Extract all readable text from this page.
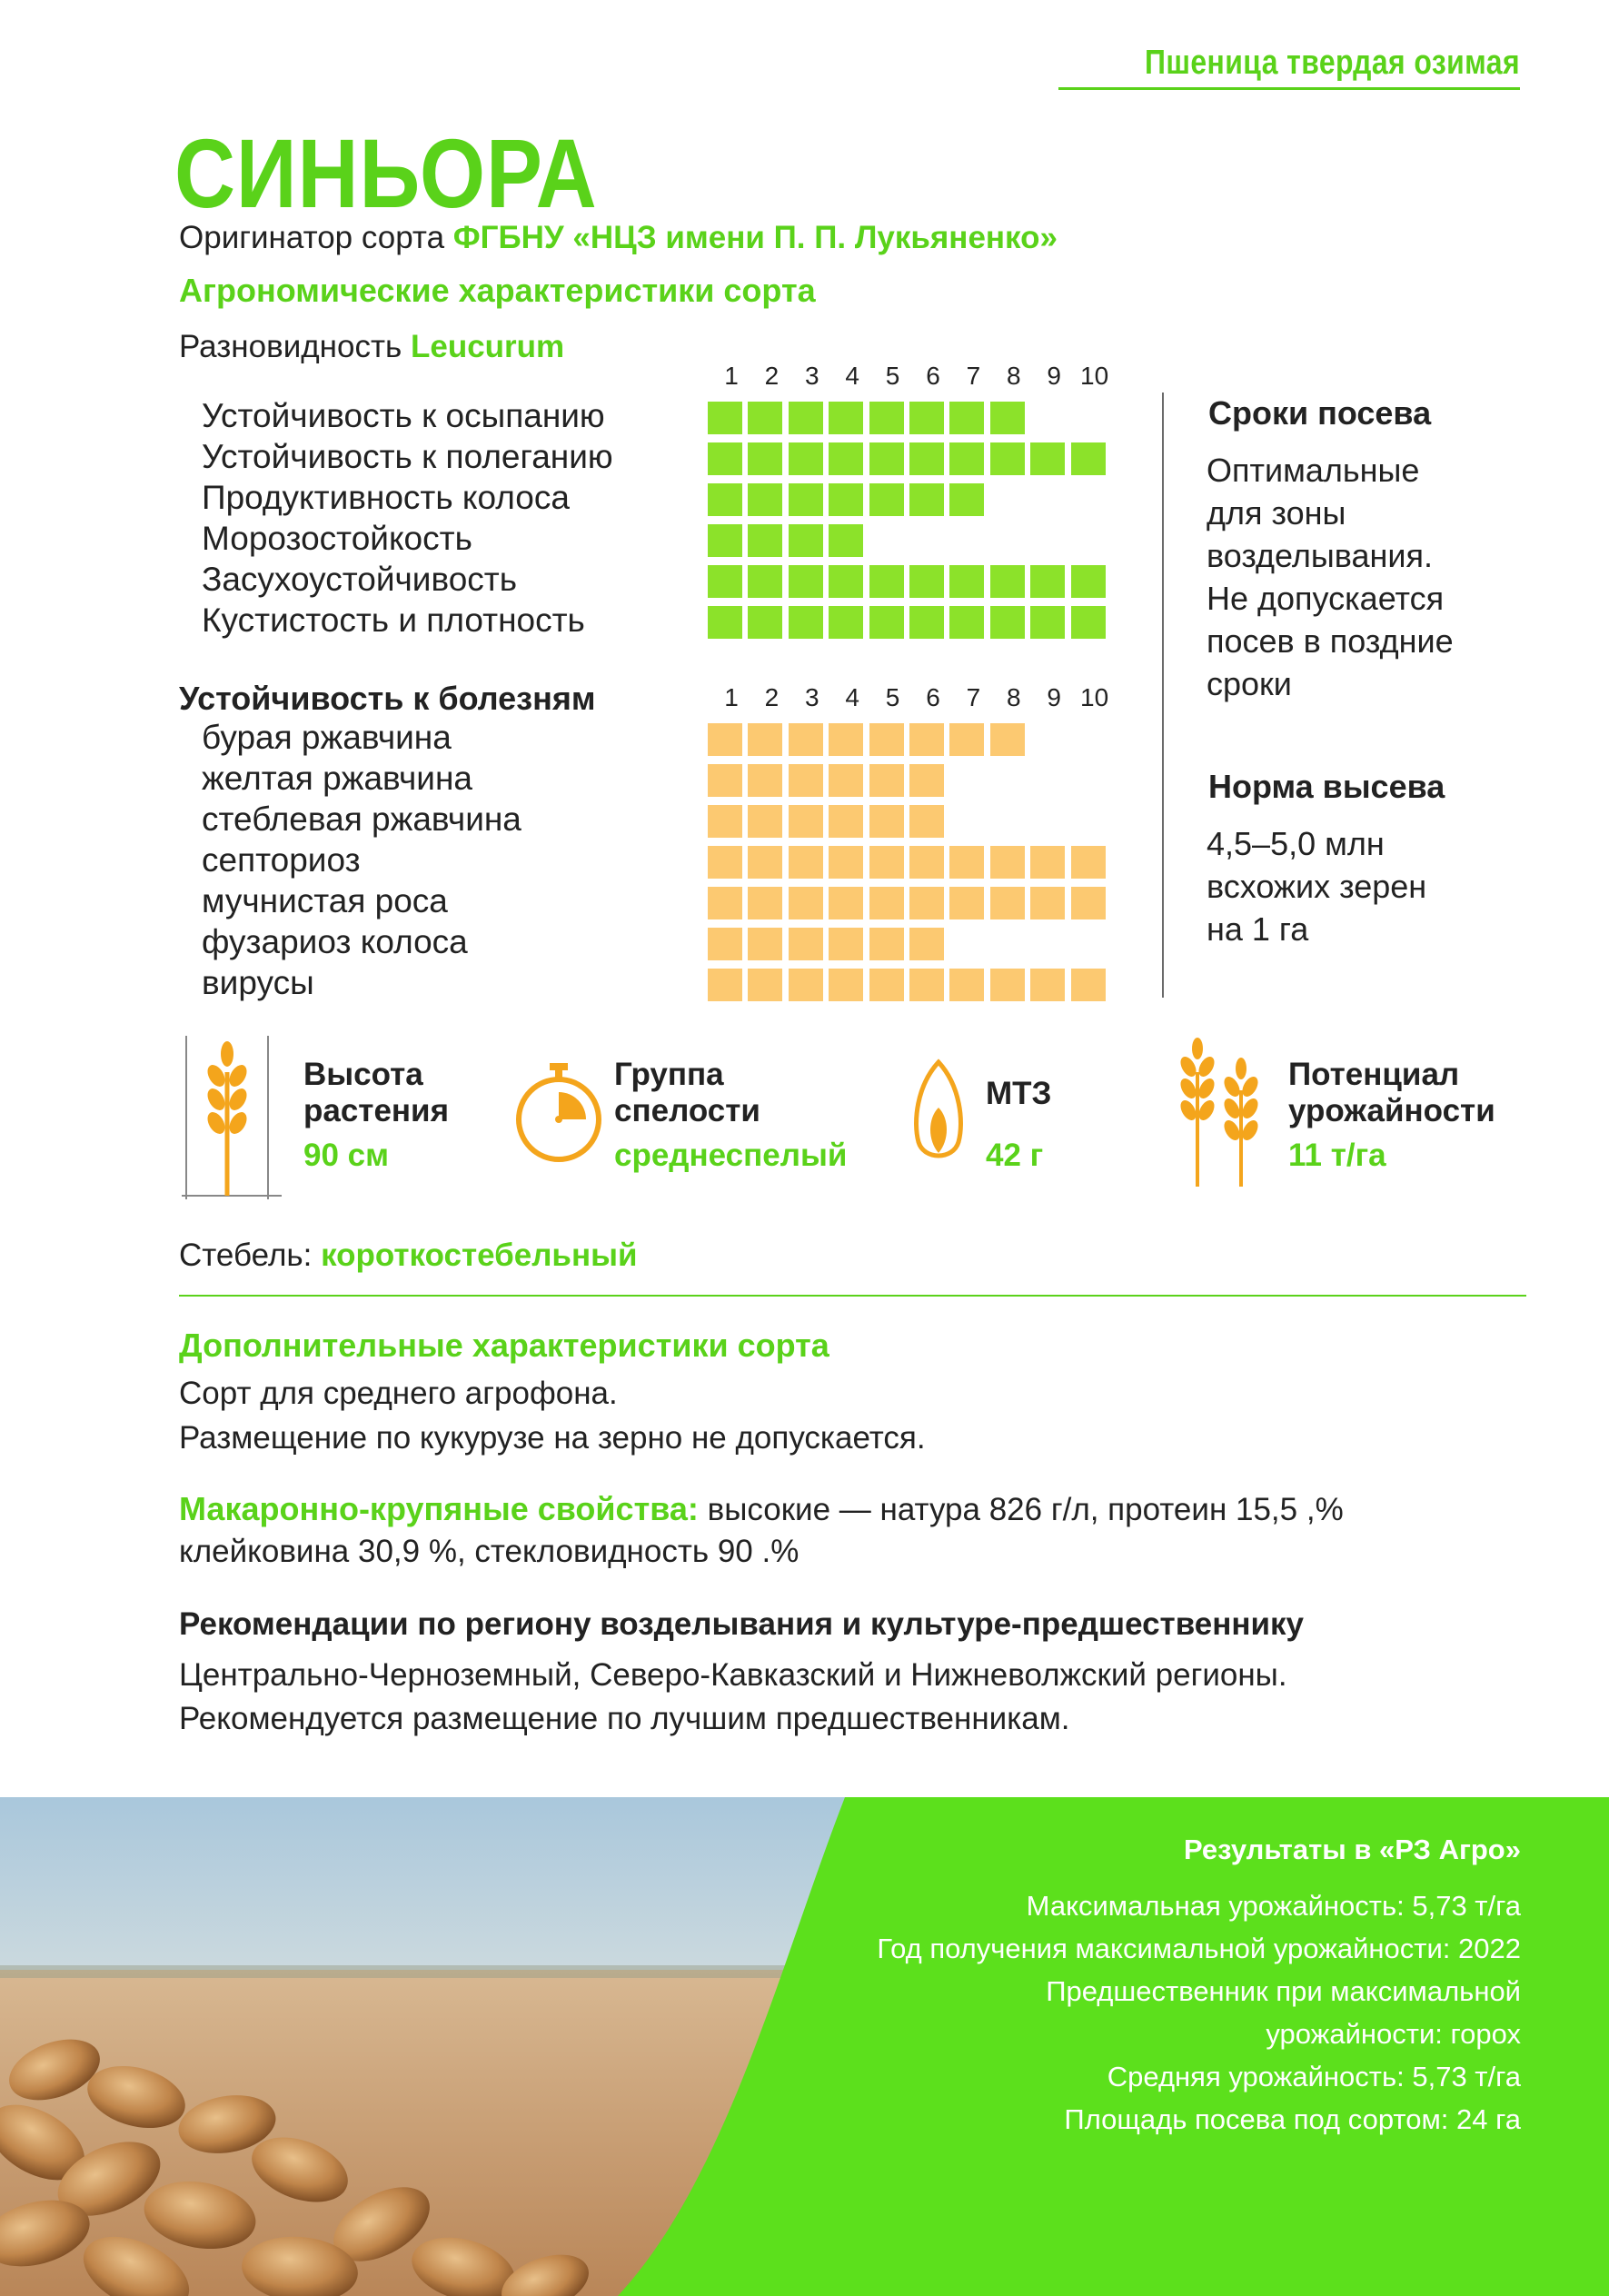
Пшеница твердая озимая
СИНЬОРА
Оригинатор сорта ФГБНУ «НЦЗ имени П. П. Лукьяненко»
Агрономические характеристики сорта
Разновидность Leucurum
1	2	3	4	5	6	7	8	9 10
Устойчивость к осыпанию
Устойчивость к полеганию
Продуктивность колоса
Морозостойкость
Засухоустойчивость
Кустистость и плотность
Устойчивость к болезням	1	2	3	4	5	6	7	8	9 10
бурая ржавчина
желтая ржавчина
стеблевая ржавчина
септориоз
мучнистая роса
фузариоз колоса
вирусы
Сроки посева
Оптимальные
для зоны
возделывания.
Не допускается
посев в поздние
сроки
Норма высева
4,5–5,0 млн
всхожих зерен
на 1 га
Высота
растения
90 см
Группа
спелости
среднеспелый
МТЗ
42 г
Потенциал
урожайности
11 т/га
Стебель: короткостебельный
Дополнительные характеристики сорта
Сорт для среднего агрофона.
Размещение по кукурузе на зерно не допускается.
Макаронно-крупяные свойства: высокие — натура 826 г/л, протеин 15,5 ,%
клейковина 30,9 %, стекловидность 90 .%
Рекомендации по региону возделывания и культуре-предшественнику
Центрально-Черноземный, Северо-Кавказский и Нижневолжский регионы.
Рекомендуется размещение по лучшим предшественникам.
Результаты в «РЗ Агро»
Максимальная урожайность: 5,73 т/га
Год получения максимальной урожайности: 2022
Предшественник при максимальной
урожайности: горох
Средняя урожайность: 5,73 т/га
Площадь посева под сортом: 24 га
